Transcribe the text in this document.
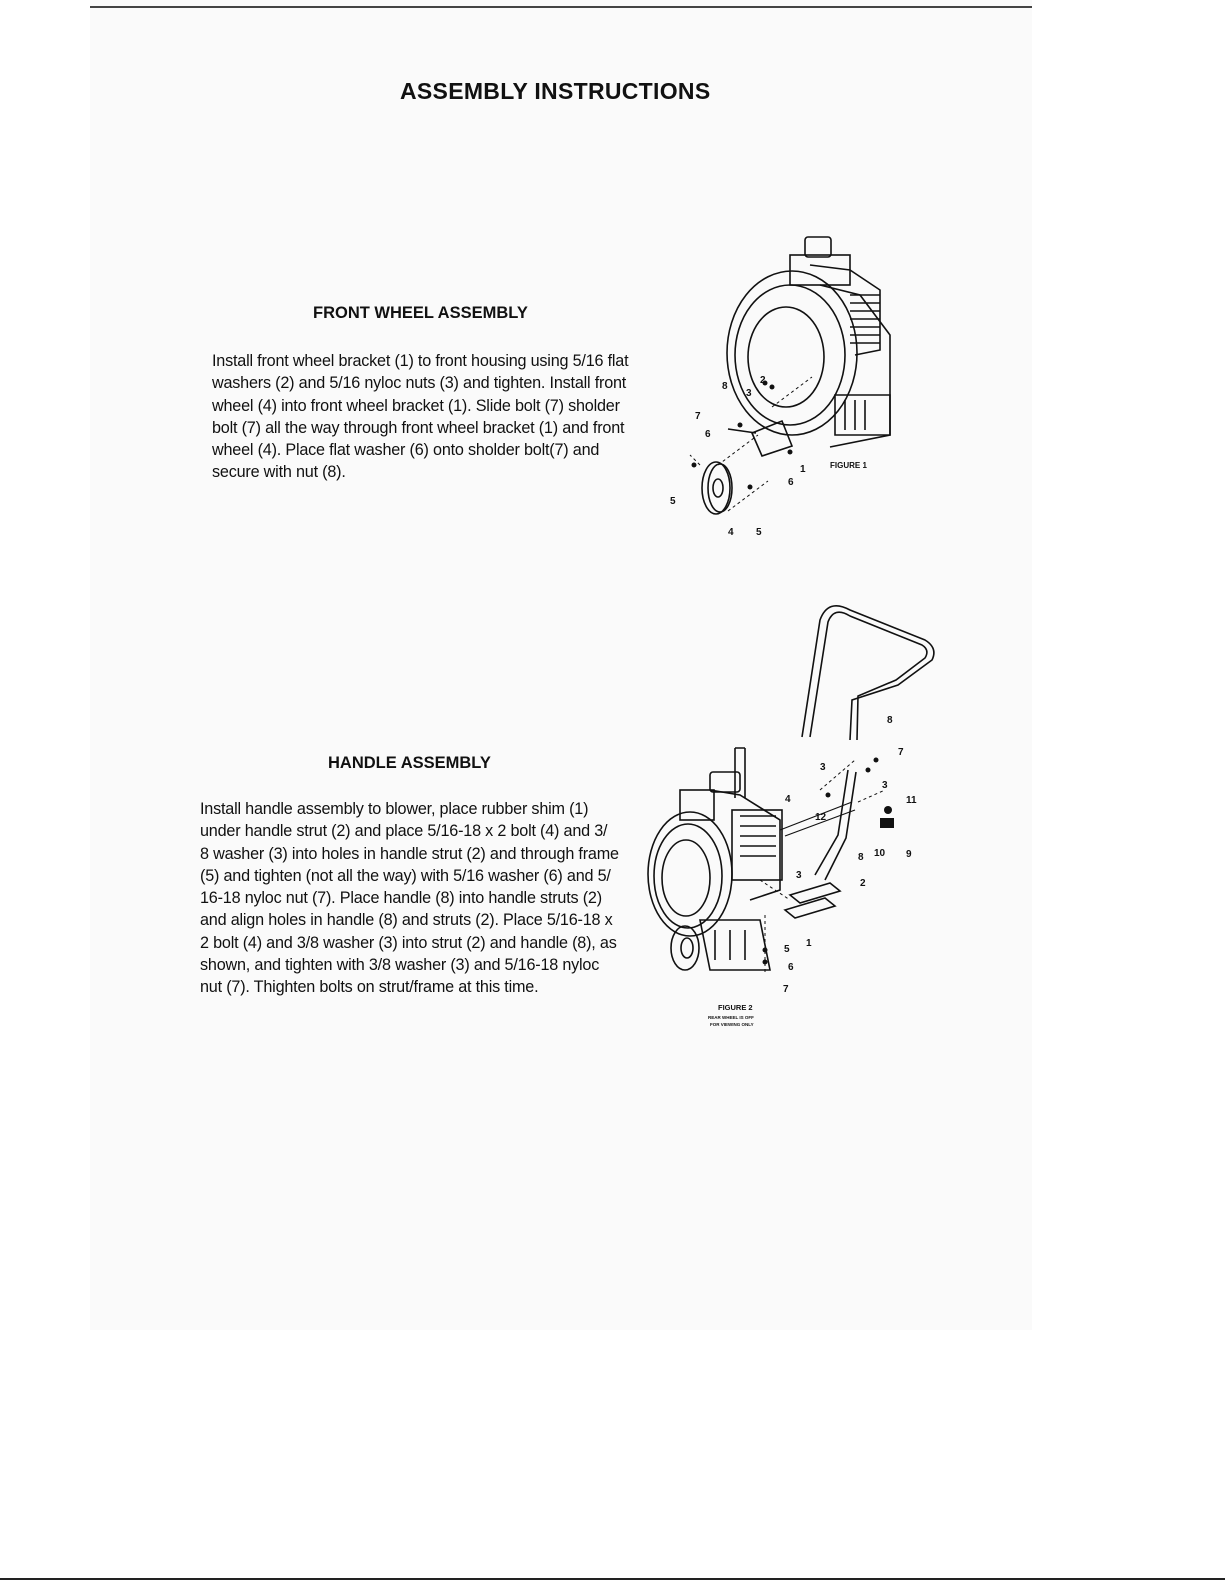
ASSEMBLY INSTRUCTIONS
FRONT WHEEL ASSEMBLY

Install front wheel bracket (1) to front housing using 5/16 flat
washers (2) and 5/16 nyloc nuts (3) and tighten. Install front
wheel (4) into front wheel bracket (1). Slide bolt (7) sholder
bolt (7) all the way through front wheel bracket (1) and front
wheel (4). Place flat washer (6) onto sholder bolt(7) and
secure with nut (8).

8
2
3
7
6
1
6
5
4 5
FIGURE 1
HANDLE ASSEMBLY

Install handle assembly to blower, place rubber shim (1)
under handle strut (2) and place 5/16-18 x 2 bolt (4) and 3/
8 washer (3) into holes in handle strut (2) and through frame
(5) and tighten (not all the way) with 5/16 washer (6) and 5/
16-18 nyloc nut (7). Place handle (8) into handle struts (2)
and align holes in handle (8) and struts (2). Place 5/16-18 x
2 bolt (4) and 3/8 washer (3) into strut (2) and handle (8), as
shown, and tighten with 3/8 washer (3) and 5/16-18 nyloc
nut (7). Thighten bolts on strut/frame at this time.

8
7
3
3
4	11
12
10 9
8
3
2
5
1
6
7
FIGURE 2
REAR WHEEL IS OFF
FOR VIEWING ONLY
